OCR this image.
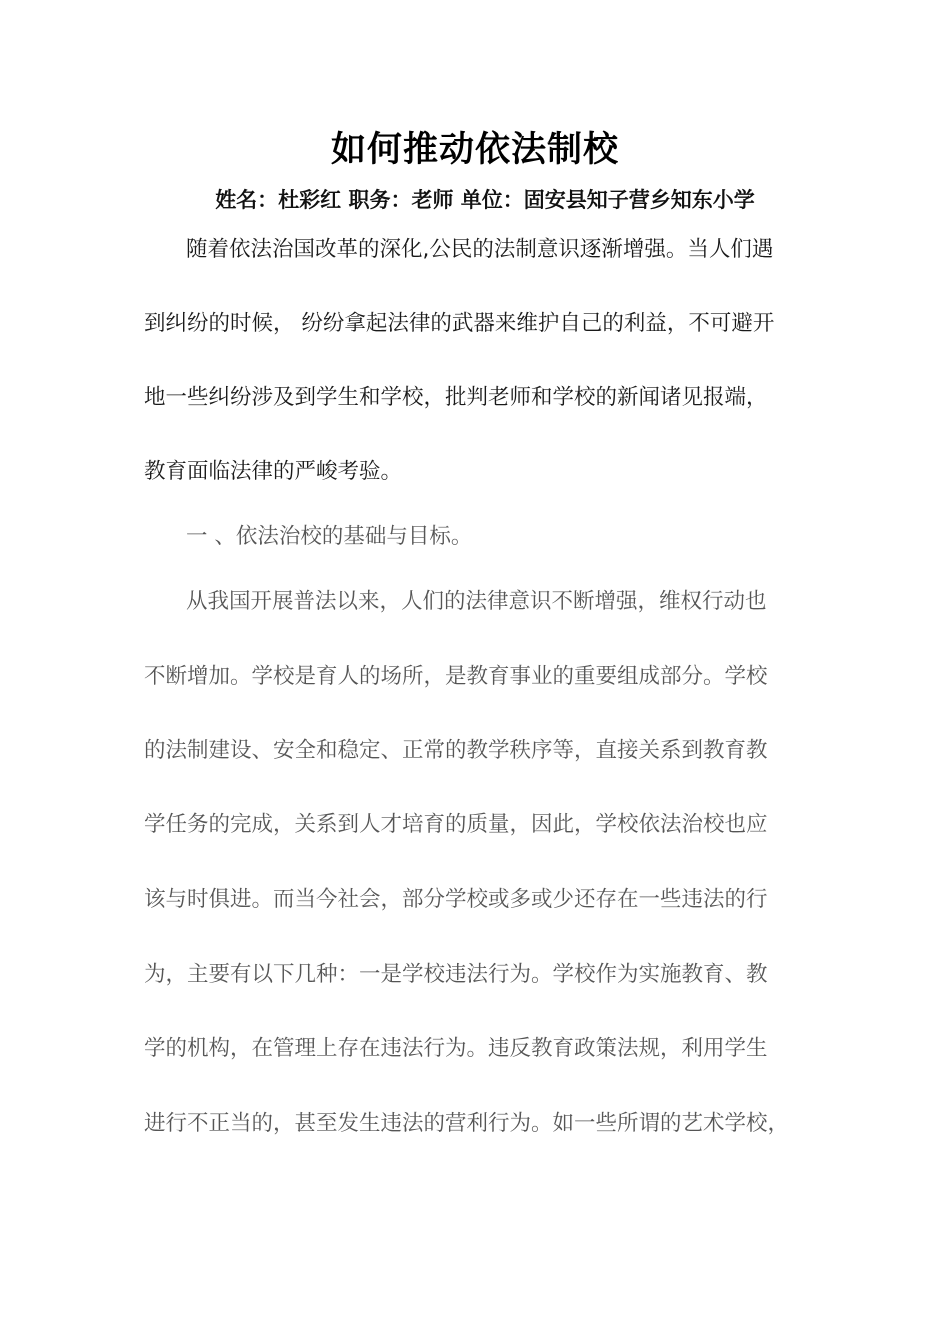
如何推动依法制校
姓名：杜彩红 职务：老师 单位：固安县知子营乡知东小学
随着依法治国改革的深化,公民的法制意识逐渐增强。当人们遇
到纠纷的时候， 纷纷拿起法律的武器来维护自己的利益，不可避开
地一些纠纷涉及到学生和学校，批判老师和学校的新闻诸见报端，
教育面临法律的严峻考验。
一 、依法治校的基础与目标。
从我国开展普法以来，人们的法律意识不断增强，维权行动也
不断增加。学校是育人的场所，是教育事业的重要组成部分。学校
的法制建设、安全和稳定、正常的教学秩序等，直接关系到教育教
学任务的完成，关系到人才培育的质量，因此，学校依法治校也应
该与时俱进。而当今社会，部分学校或多或少还存在一些违法的行
为，主要有以下几种：一是学校违法行为。学校作为实施教育、教
学的机构，在管理上存在违法行为。违反教育政策法规，利用学生
进行不正当的，甚至发生违法的营利行为。如一些所谓的艺术学校，
